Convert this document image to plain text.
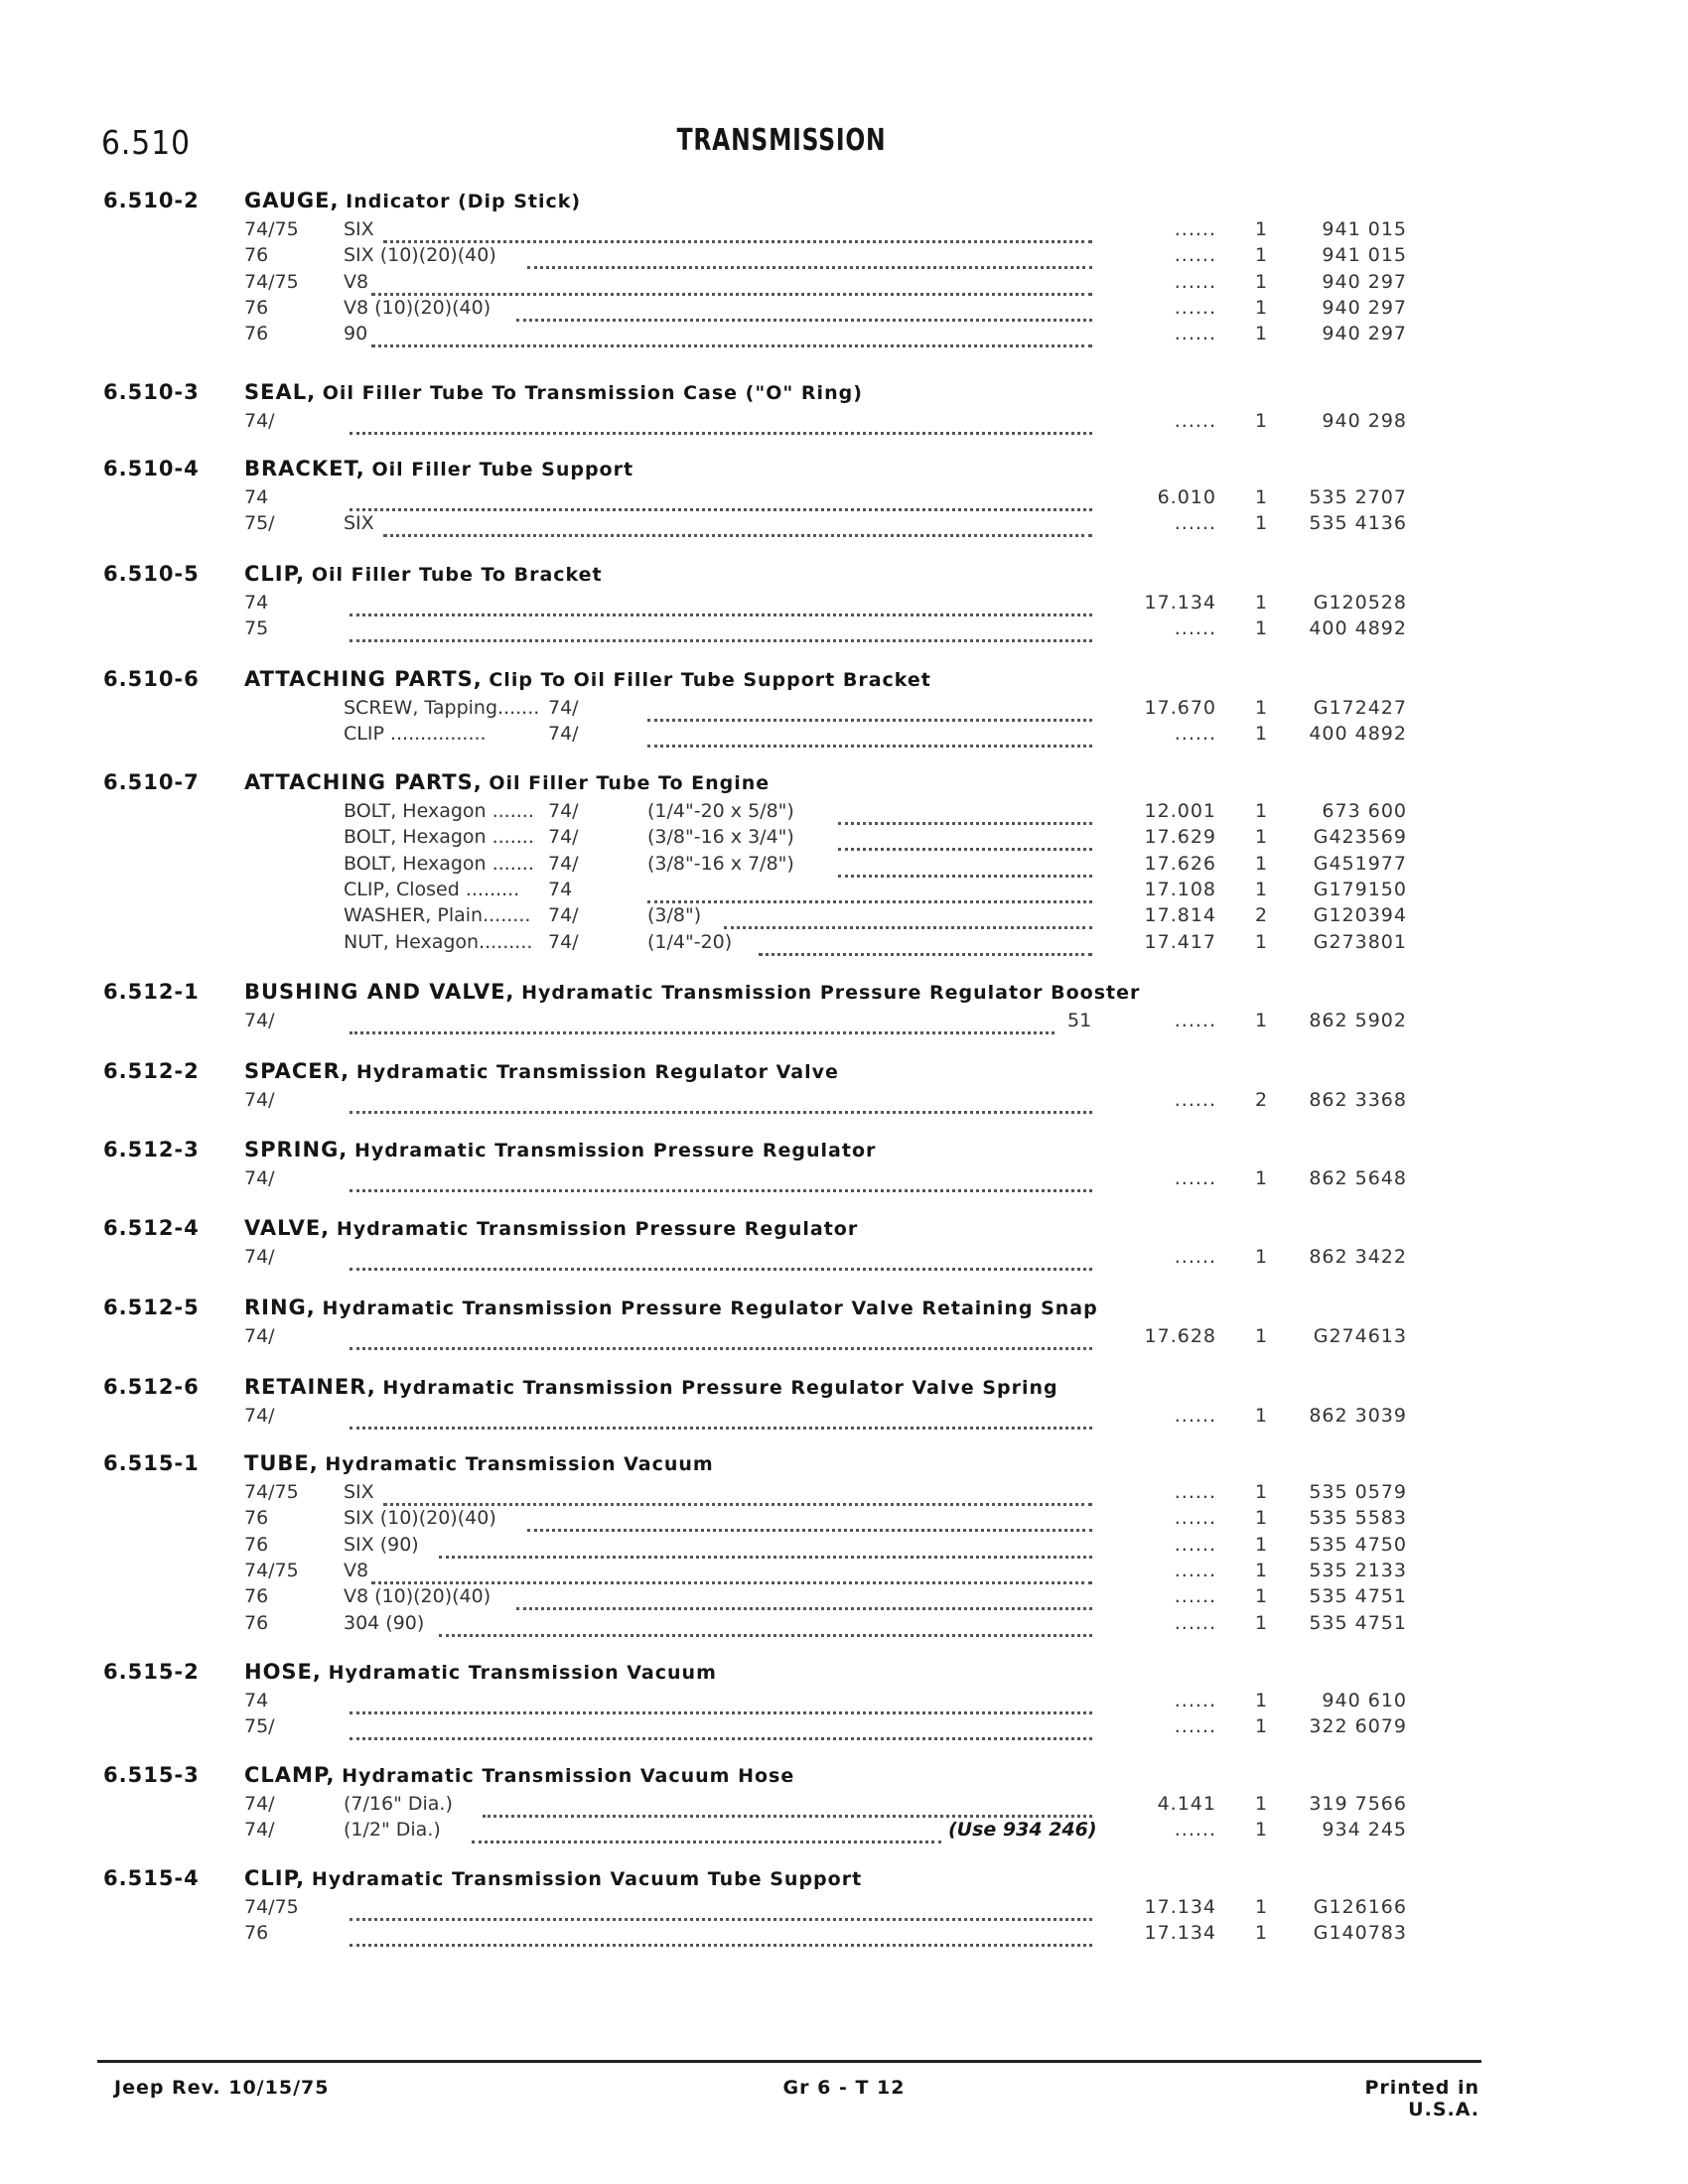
6.510	TRANSMISSION
6.510-2 GAUGE, Indicator (Dip Stick)
74/75 SIX	......	1	941 015
76	SIX (10)(20)(40)	......	1	941 015
74/75 V8	......	1	940 297
76	V8 (10)(20)(40)	......	1	940 297
76	90	......	1	940 297
6.510-3 SEAL, Oil Filler Tube To Transmission Case ("O" Ring)
74/	......	1	940 298
6.510-4 BRACKET, Oil Filler Tube Support
74	6.010	1	535 2707
75/	SIX	......	1	535 4136
6.510-5 CLIP, Oil Filler Tube To Bracket
74	17.134	1	G120528
75	......	1	400 4892
6.510-6 ATTACHING PARTS, Clip To Oil Filler Tube Support Bracket
SCREW, Tapping....... 74/	17.670	1	G172427
CLIP ................	74/	......	1	400 4892
6.510-7 ATTACHING PARTS, Oil Filler Tube To Engine
BOLT, Hexagon ....... 74/	(1/4"-20 x 5/8")	12.001	1	673 600
BOLT, Hexagon ....... 74/	(3/8"-16 x 3/4")	17.629	1	G423569
BOLT, Hexagon ....... 74/	(3/8"-16 x 7/8")	17.626	1	G451977
CLIP, Closed ......... 74	17.108	1	G179150
WASHER, Plain........ 74/	(3/8")	17.814	2	G120394
NUT, Hexagon......... 74/	(1/4"-20)	17.417	1	G273801
6.512-1 BUSHING AND VALVE, Hydramatic Transmission Pressure Regulator Booster
74/	51	......	1	862 5902
6.512-2 SPACER, Hydramatic Transmission Regulator Valve
74/	......	2	862 3368
6.512-3 SPRING, Hydramatic Transmission Pressure Regulator
74/	......	1	862 5648
6.512-4 VALVE, Hydramatic Transmission Pressure Regulator
74/	......	1	862 3422
6.512-5 RING, Hydramatic Transmission Pressure Regulator Valve Retaining Snap
74/	17.628	1	G274613
6.512-6 RETAINER, Hydramatic Transmission Pressure Regulator Valve Spring
74/	......	1	862 3039
6.515-1 TUBE, Hydramatic Transmission Vacuum
74/75 SIX	......	1	535 0579
76	SIX (10)(20)(40)	......	1	535 5583
76	SIX (90)	......	1	535 4750
74/75 V8	......	1	535 2133
76	V8 (10)(20)(40)	......	1	535 4751
76	304 (90)	......	1	535 4751
6.515-2 HOSE, Hydramatic Transmission Vacuum
74	......	1	940 610
75/	......	1	322 6079
6.515-3 CLAMP, Hydramatic Transmission Vacuum Hose
74/	(7/16" Dia.)	4.141	1	319 7566
74/	(1/2" Dia.)	(Use 934 246)	......	1	934 245
6.515-4 CLIP, Hydramatic Transmission Vacuum Tube Support
74/75	17.134	1	G126166
76	17.134	1	G140783
Jeep Rev. 10/15/75	Gr 6 - T 12	Printed in U.S.A.
